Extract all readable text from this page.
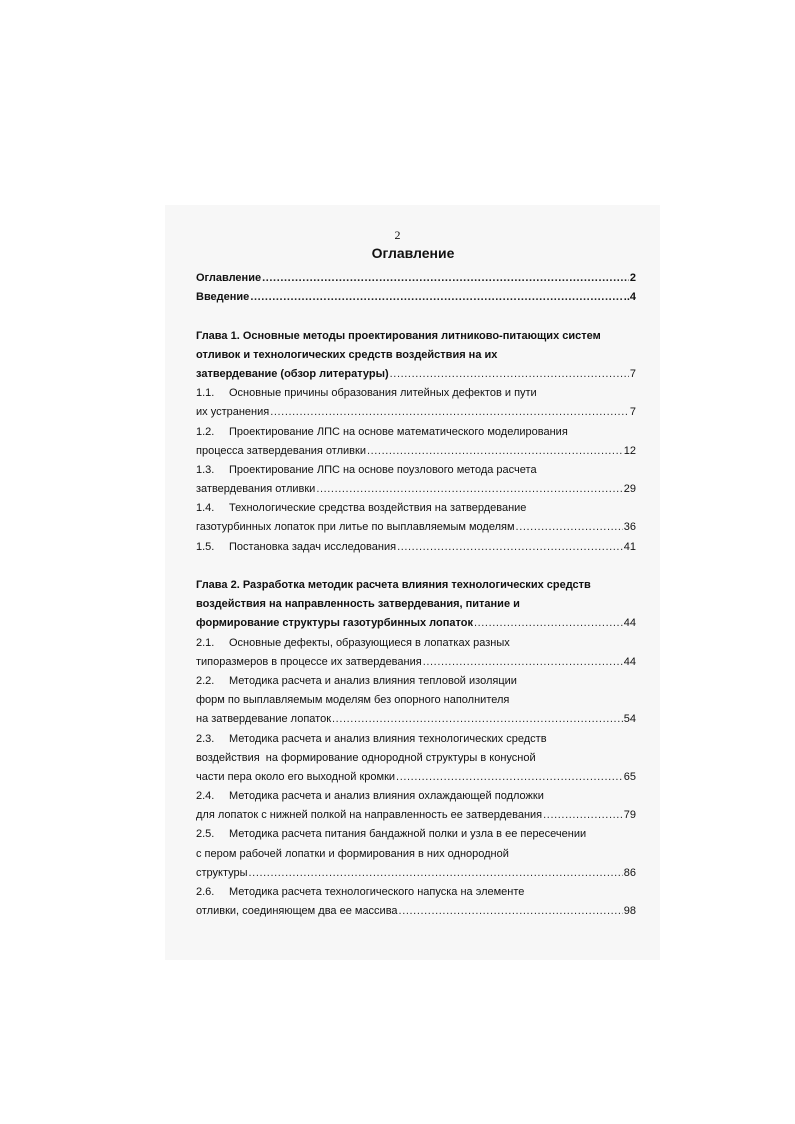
2
Оглавление
Оглавление .....	2
Введение .....	..4
Глава 1. Основные методы проектирования литниково-питающих систем
отливок и технологических средств воздействия на их
затвердевание (обзор литературы) .....	7
1.1. Основные причины образования литейных дефектов и пути
их устранения .....	7
1.2. Проектирование ЛПС на основе математического моделирования
процесса затвердевания отливки .....	12
1.3. Проектирование ЛПС на основе поузлового метода расчета
затвердевания отливки .....	29
1.4. Технологические средства воздействия на затвердевание
газотурбинных лопаток при литье по выплавляемым моделям .....	36
1.5. Постановка задач исследования .....	41
Глава 2. Разработка методик расчета влияния технологических средств
воздействия на направленность затвердевания, питание и
формирование структуры газотурбинных лопаток .....	44
2.1. Основные дефекты, образующиеся в лопатках разных
типоразмеров в процессе их затвердевания .....	44
2.2. Методика расчета и анализ влияния тепловой изоляции
форм по выплавляемым моделям без опорного наполнителя
на затвердевание лопаток .....	54
2.3. Методика расчета и анализ влияния технологических средств
воздействия  на формирование однородной структуры в конусной
части пера около его выходной кромки .....	65
2.4. Методика расчета и анализ влияния охлаждающей подложки
для лопаток с нижней полкой на направленность ее затвердевания .....	79
2.5. Методика расчета питания бандажной полки и узла в ее пересечении
с пером рабочей лопатки и формирования в них однородной
структуры .....	86
2.6. Методика расчета технологического напуска на элементе
отливки, соединяющем два ее массива .....	98
